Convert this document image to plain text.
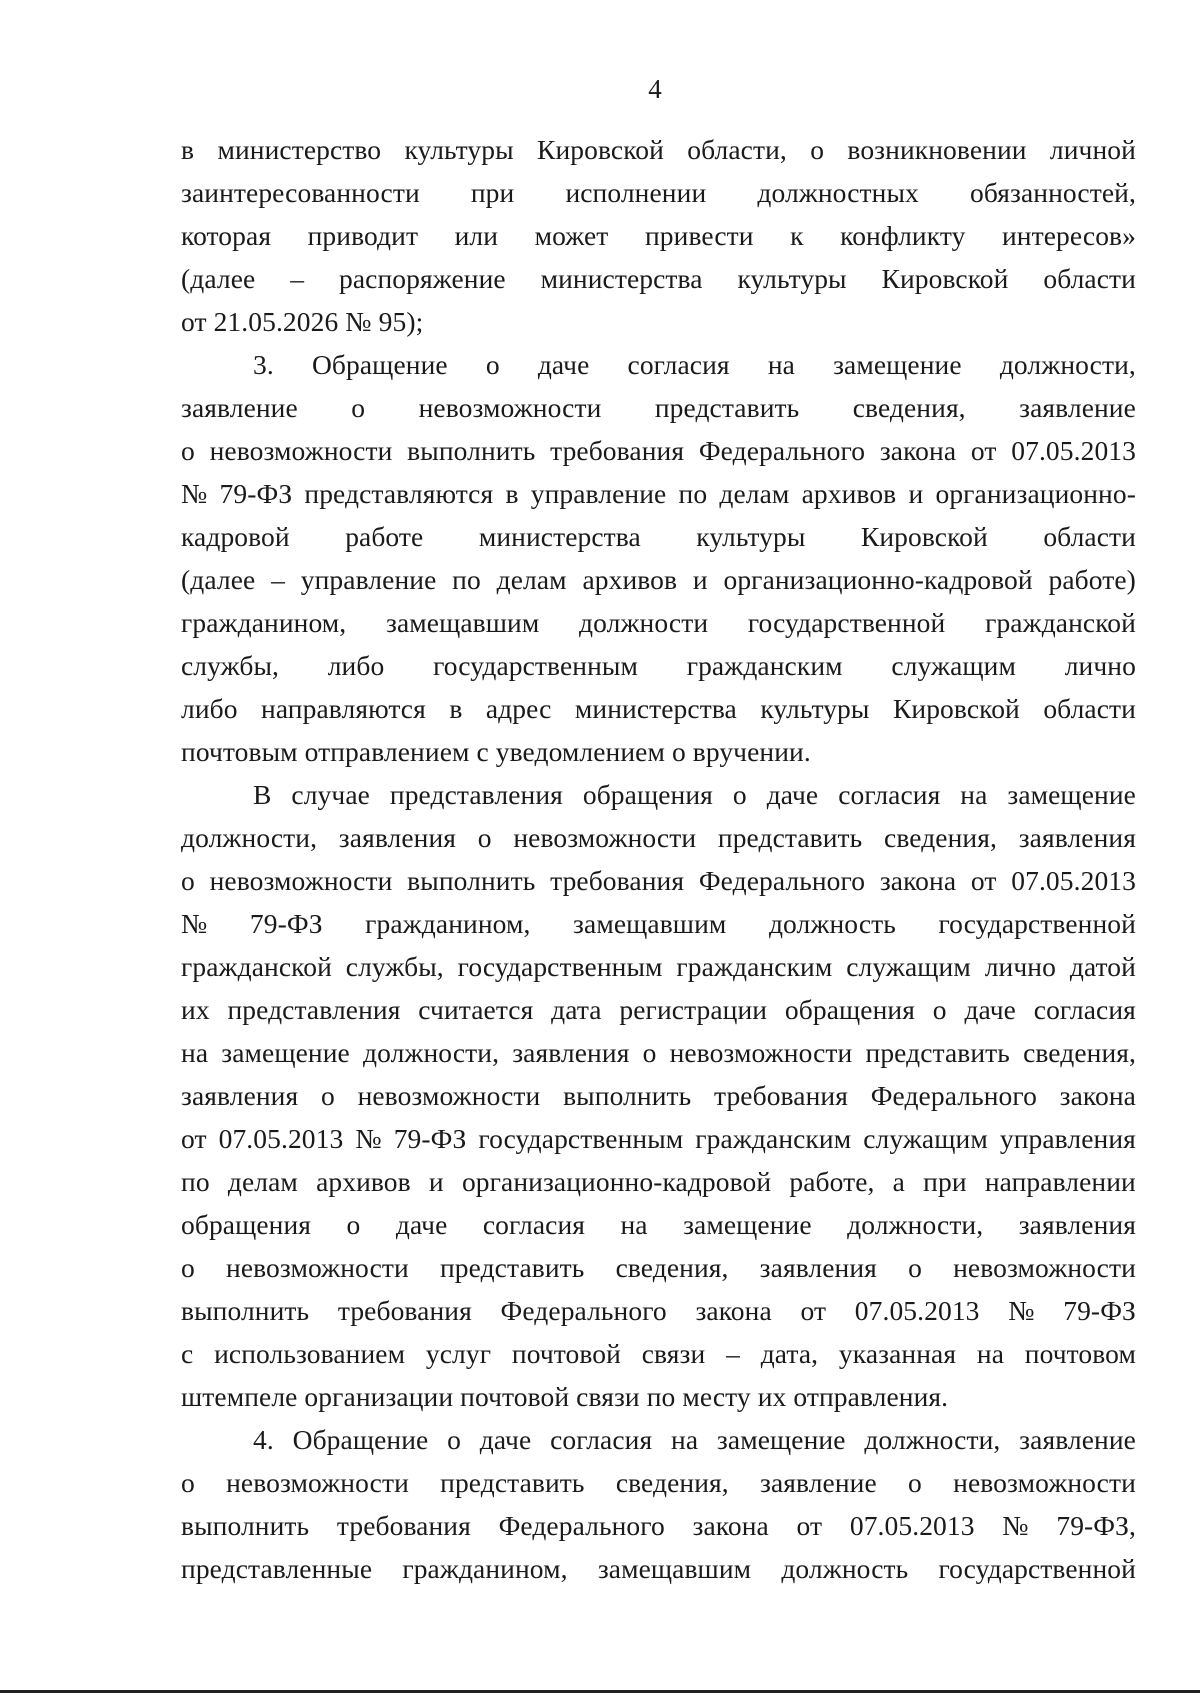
4
в министерство культуры Кировской области, о возникновении личной
заинтересованности при исполнении должностных обязанностей,
которая приводит или может привести к конфликту интересов»
(далее – распоряжение министерства культуры Кировской области
от 21.05.2026 № 95);
3. Обращение о даче согласия на замещение должности,
заявление о невозможности представить сведения, заявление
о невозможности выполнить требования Федерального закона от 07.05.2013
№ 79-ФЗ представляются в управление по делам архивов и организационно-
кадровой работе министерства культуры Кировской области
(далее – управление по делам архивов и организационно-кадровой работе)
гражданином, замещавшим должности государственной гражданской
службы, либо государственным гражданским служащим лично
либо направляются в адрес министерства культуры Кировской области
почтовым отправлением с уведомлением о вручении.
В случае представления обращения о даче согласия на замещение
должности, заявления о невозможности представить сведения, заявления
о невозможности выполнить требования Федерального закона от 07.05.2013
№ 79-ФЗ гражданином, замещавшим должность государственной
гражданской службы, государственным гражданским служащим лично датой
их представления считается дата регистрации обращения о даче согласия
на замещение должности, заявления о невозможности представить сведения,
заявления о невозможности выполнить требования Федерального закона
от 07.05.2013 № 79-ФЗ государственным гражданским служащим управления
по делам архивов и организационно-кадровой работе, а при направлении
обращения о даче согласия на замещение должности, заявления
о невозможности представить сведения, заявления о невозможности
выполнить требования Федерального закона от 07.05.2013 № 79-ФЗ
с использованием услуг почтовой связи – дата, указанная на почтовом
штемпеле организации почтовой связи по месту их отправления.
4. Обращение о даче согласия на замещение должности, заявление
о невозможности представить сведения, заявление о невозможности
выполнить требования Федерального закона от 07.05.2013 № 79-ФЗ,
представленные гражданином, замещавшим должность государственной
